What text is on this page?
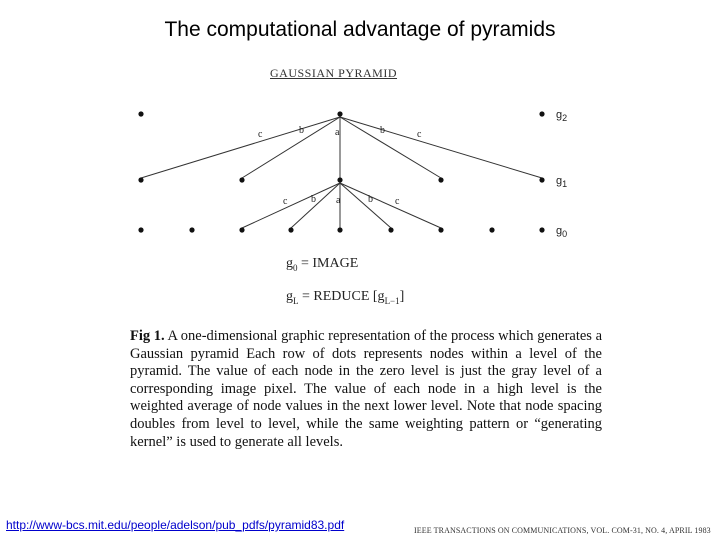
The computational advantage of pyramids
GAUSSIAN PYRAMID
c	b	a	b	c
c b a	b c
$g_2$
$g_1$
$g_0$
$g_0$ = IMAGE
$g_L$ = REDUCE $[g_{L-1}]$
Fig 1. A one-dimensional graphic representation of the process which generates a Gaussian pyramid Each row of dots represents nodes within a level of the pyramid. The value of each node in the zero level is just the gray level of a corresponding image pixel. The value of each node in a high level is the weighted average of node values in the next lower level. Note that node spacing doubles from level to level, while the same weighting pattern or “generating kernel” is used to generate all levels.
http://www-bcs.mit.edu/people/adelson/pub_pdfs/pyramid83.pdf	IEEE TRANSACTIONS ON COMMUNICATIONS, VOL. COM-31, NO. 4, APRIL 1983
